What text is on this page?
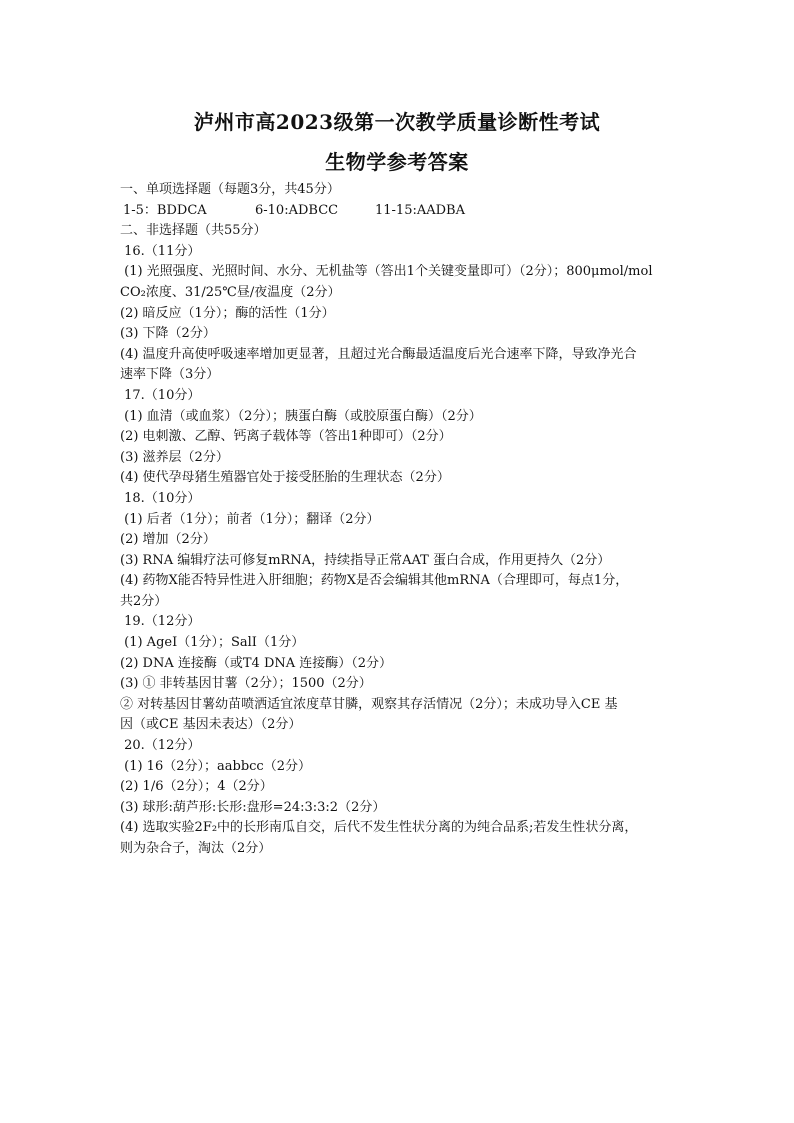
泸州市高2023级第一次教学质量诊断性考试
生物学参考答案
一、单项选择题（每题3分，共45分）
1-5：BDDCA	6-10:ADBCC	11-15:AADBA
二、非选择题（共55分）
16.（11分）
(1) 光照强度、光照时间、水分、无机盐等（答出1个关键变量即可）（2分）；800μmol/mol
CO₂浓度、31/25℃昼/夜温度（2分）
(2) 暗反应（1分）；酶的活性（1分）
(3) 下降（2分）
(4) 温度升高使呼吸速率增加更显著，且超过光合酶最适温度后光合速率下降，导致净光合
速率下降（3分）
17.（10分）
(1) 血清（或血浆）（2分）；胰蛋白酶（或胶原蛋白酶）（2分）
(2) 电刺激、乙醇、钙离子载体等（答出1种即可）（2分）
(3) 滋养层（2分）
(4) 使代孕母猪生殖器官处于接受胚胎的生理状态（2分）
18.（10分）
(1) 后者（1分）；前者（1分）；翻译（2分）
(2) 增加（2分）
(3) RNA 编辑疗法可修复mRNA，持续指导正常AAT 蛋白合成，作用更持久（2分）
(4) 药物X能否特异性进入肝细胞；药物X是否会编辑其他mRNA（合理即可，每点1分，
共2分）
19.（12分）
(1) AgeI（1分）；SalI（1分）
(2) DNA 连接酶（或T4 DNA 连接酶）（2分）
(3) ① 非转基因甘薯（2分）；1500（2分）
② 对转基因甘薯幼苗喷洒适宜浓度草甘膦，观察其存活情况（2分）；未成功导入CE 基
因（或CE 基因未表达）（2分）
20.（12分）
(1) 16（2分）；aabbcc（2分）
(2) 1/6（2分）；4（2分）
(3) 球形:葫芦形:长形:盘形=24:3:3:2（2分）
(4) 选取实验2F₂中的长形南瓜自交，后代不发生性状分离的为纯合品系;若发生性状分离，
则为杂合子，淘汰（2分）
